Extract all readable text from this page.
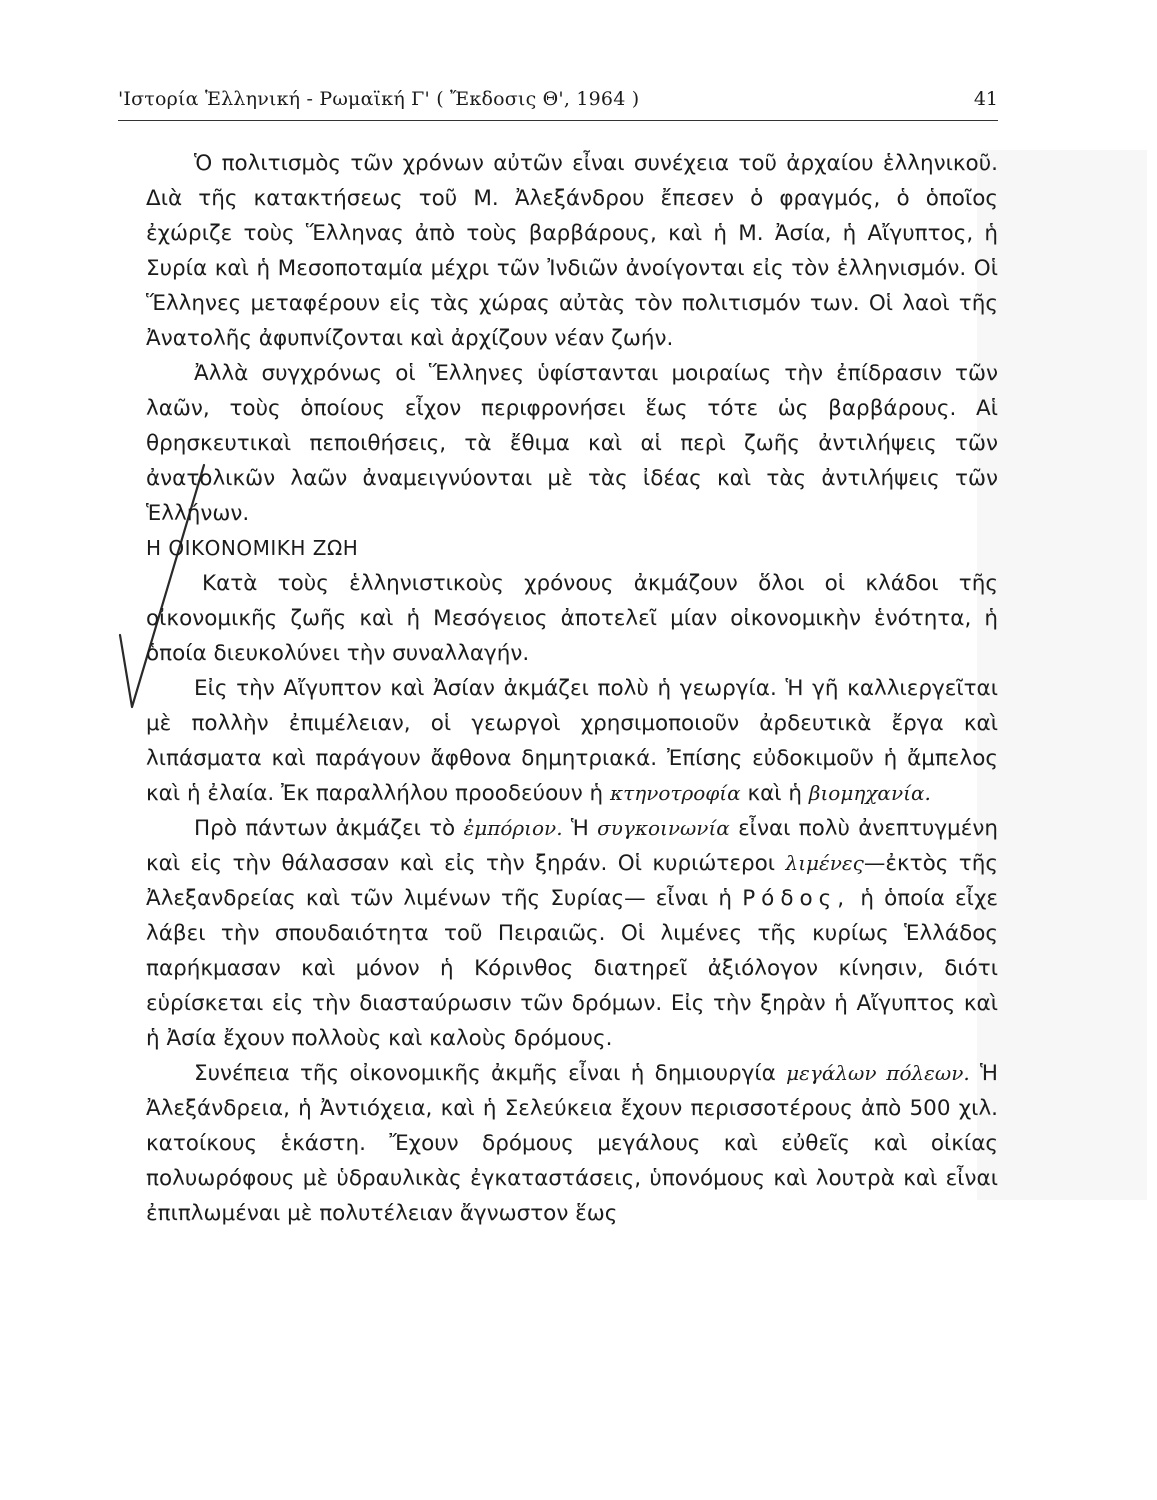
'Ιστορία Ἑλληνική - Ρωμαϊκή Γ' ( Ἔκδοσις Θ', 1964 )	41

Ὁ πολιτισμὸς τῶν χρόνων αὐτῶν εἶναι συνέχεια τοῦ ἀρχαίου ἑλληνικοῦ. Διὰ τῆς κατακτήσεως τοῦ Μ. Ἀλεξάνδρου ἔπεσεν ὁ φραγμός, ὁ ὁποῖος ἐχώριζε τοὺς Ἕλληνας ἀπὸ τοὺς βαρβάρους, καὶ ἡ Μ. Ἀσία, ἡ Αἴγυπτος, ἡ Συρία καὶ ἡ Μεσοποταμία μέχρι τῶν Ἰνδιῶν ἀνοίγονται εἰς τὸν ἑλληνισμόν. Οἱ Ἕλληνες μεταφέρουν εἰς τὰς χώρας αὐτὰς τὸν πολιτισμόν των. Οἱ λαοὶ τῆς Ἀνατολῆς ἀφυπνίζονται καὶ ἀρχίζουν νέαν ζωήν.

Ἀλλὰ συγχρόνως οἱ Ἕλληνες ὑφίστανται μοιραίως τὴν ἐπίδρασιν τῶν λαῶν, τοὺς ὁποίους εἶχον περιφρονήσει ἕως τότε ὡς βαρβάρους. Αἱ θρησκευτικαὶ πεποιθήσεις, τὰ ἔθιμα καὶ αἱ περὶ ζωῆς ἀντιλήψεις τῶν ἀνατολικῶν λαῶν ἀναμειγνύονται μὲ τὰς ἰδέας καὶ τὰς ἀντιλήψεις τῶν Ἑλλήνων.

Η ΟΙΚΟΝΟΜΙΚΗ ΖΩΗ

Κατὰ τοὺς ἑλληνιστικοὺς χρόνους ἀκμάζουν ὅλοι οἱ κλάδοι τῆς οἰκονομικῆς ζωῆς καὶ ἡ Μεσόγειος ἀποτελεῖ μίαν οἰκονομικὴν ἑνότητα, ἡ ὁποία διευκολύνει τὴν συναλλαγήν.

Εἰς τὴν Αἴγυπτον καὶ Ἀσίαν ἀκμάζει πολὺ ἡ γεωργία. Ἡ γῆ καλλιεργεῖται μὲ πολλὴν ἐπιμέλειαν, οἱ γεωργοὶ χρησιμοποιοῦν ἀρδευτικὰ ἔργα καὶ λιπάσματα καὶ παράγουν ἄφθονα δημητριακά. Ἐπίσης εὐδοκιμοῦν ἡ ἄμπελος καὶ ἡ ἐλαία. Ἐκ παραλλήλου προοδεύουν ἡ κτηνοτροφία καὶ ἡ βιομηχανία.

Πρὸ πάντων ἀκμάζει τὸ ἐμπόριον. Ἡ συγκοινωνία εἶναι πολὺ ἀνεπτυγμένη καὶ εἰς τὴν θάλασσαν καὶ εἰς τὴν ξηράν. Οἱ κυριώτεροι λιμένες—ἐκτὸς τῆς Ἀλεξανδρείας καὶ τῶν λιμένων τῆς Συρίας— εἶναι ἡ Ρόδος, ἡ ὁποία εἶχε λάβει τὴν σπουδαιότητα τοῦ Πειραιῶς. Οἱ λιμένες τῆς κυρίως Ἑλλάδος παρήκμασαν καὶ μόνον ἡ Κόρινθος διατηρεῖ ἀξιόλογον κίνησιν, διότι εὑρίσκεται εἰς τὴν διασταύρωσιν τῶν δρόμων. Εἰς τὴν ξηρὰν ἡ Αἴγυπτος καὶ ἡ Ἀσία ἔχουν πολλοὺς καὶ καλοὺς δρόμους.

Συνέπεια τῆς οἰκονομικῆς ἀκμῆς εἶναι ἡ δημιουργία μεγάλων πόλεων. Ἡ Ἀλεξάνδρεια, ἡ Ἀντιόχεια, καὶ ἡ Σελεύκεια ἔχουν περισσοτέρους ἀπὸ 500 χιλ. κατοίκους ἑκάστη. Ἔχουν δρόμους μεγάλους καὶ εὐθεῖς καὶ οἰκίας πολυωρόφους μὲ ὑδραυλικὰς ἐγκαταστάσεις, ὑπονόμους καὶ λουτρὰ καὶ εἶναι ἐπιπλωμέναι μὲ πολυτέλειαν ἄγνωστον ἕως
